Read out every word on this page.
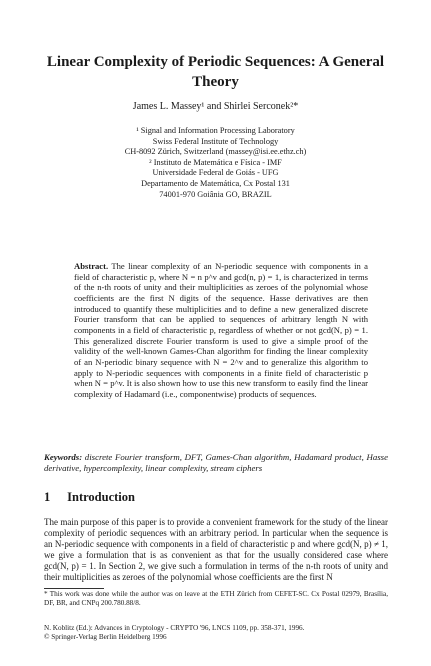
Linear Complexity of Periodic Sequences: A General Theory
James L. Massey¹ and Shirlei Serconek²*
¹ Signal and Information Processing Laboratory
Swiss Federal Institute of Technology
CH-8092 Zürich, Switzerland (massey@isi.ee.ethz.ch)
² Instituto de Matemática e Física - IMF
Universidade Federal de Goiás - UFG
Departamento de Matemática, Cx Postal 131
74001-970 Goiânia GO, BRAZIL
Abstract. The linear complexity of an N-periodic sequence with components in a field of characteristic p, where N = n p^v and gcd(n, p) = 1, is characterized in terms of the n-th roots of unity and their multiplicities as zeroes of the polynomial whose coefficients are the first N digits of the sequence. Hasse derivatives are then introduced to quantify these multiplicities and to define a new generalized discrete Fourier transform that can be applied to sequences of arbitrary length N with components in a field of characteristic p, regardless of whether or not gcd(N, p) = 1. This generalized discrete Fourier transform is used to give a simple proof of the validity of the well-known Games-Chan algorithm for finding the linear complexity of an N-periodic binary sequence with N = 2^v and to generalize this algorithm to apply to N-periodic sequences with components in a finite field of characteristic p when N = p^v. It is also shown how to use this new transform to easily find the linear complexity of Hadamard (i.e., componentwise) products of sequences.
Keywords: discrete Fourier transform, DFT, Games-Chan algorithm, Hadamard product, Hasse derivative, hypercomplexity, linear complexity, stream ciphers
1 Introduction
The main purpose of this paper is to provide a convenient framework for the study of the linear complexity of periodic sequences with an arbitrary period. In particular when the sequence is an N-periodic sequence with components in a field of characteristic p and where gcd(N, p) ≠ 1, we give a formulation that is as convenient as that for the usually considered case where gcd(N, p) = 1. In Section 2, we give such a formulation in terms of the n-th roots of unity and their multiplicities as zeroes of the polynomial whose coefficients are the first N
* This work was done while the author was on leave at the ETH Zürich from CEFET-SC. Cx Postal 02979, Brasília, DF, BR, and CNPq 200.780.88/8.
N. Koblitz (Ed.): Advances in Cryptology - CRYPTO '96, LNCS 1109, pp. 358-371, 1996.
© Springer-Verlag Berlin Heidelberg 1996
